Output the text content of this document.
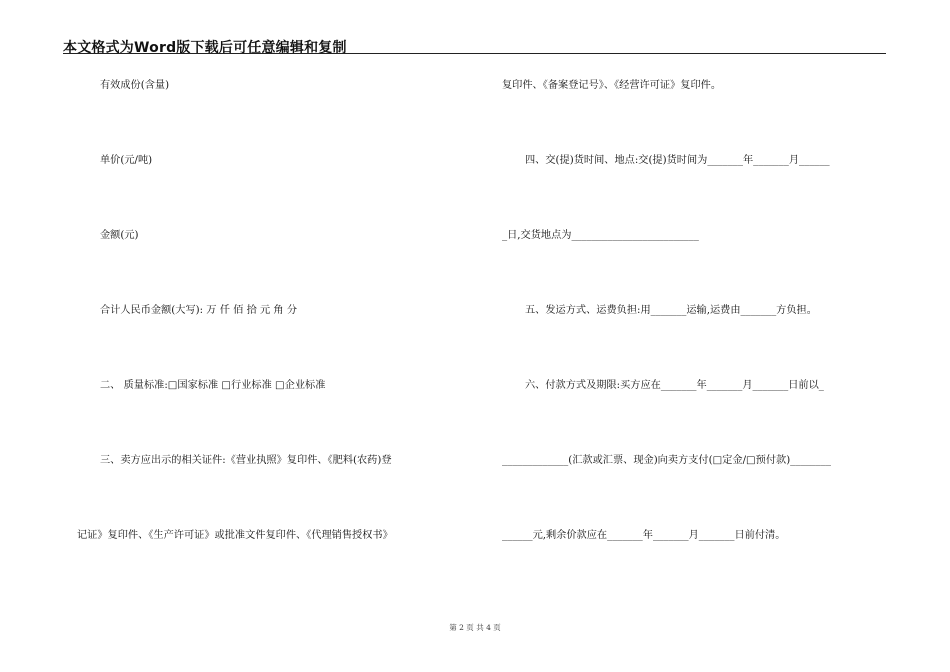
本文格式为Word版下载后可任意编辑和复制
有效成份(含量)
单价(元/吨)
金额(元)
合计人民币金额(大写): 万 仟 佰 拾 元 角 分
二、 质量标准:□国家标准 □行业标准 □企业标准
三、卖方应出示的相关证件:《营业执照》复印件、《肥料(农药)登
记证》复印件、《生产许可证》或批准文件复印件、《代理销售授权书》
复印件、《备案登记号》、《经营许可证》复印件。
四、交(提)货时间、地点:交(提)货时间为_______年_______月______
_日,交货地点为_________________________
五、发运方式、运费负担:用_______运输,运费由_______方负担。
六、付款方式及期限:买方应在_______年_______月_______日前以_
_____________(汇款或汇票、现金)向卖方支付(□定金/□预付款)________
______元,剩余价款应在_______年_______月_______日前付清。
第 2 页 共 4 页
